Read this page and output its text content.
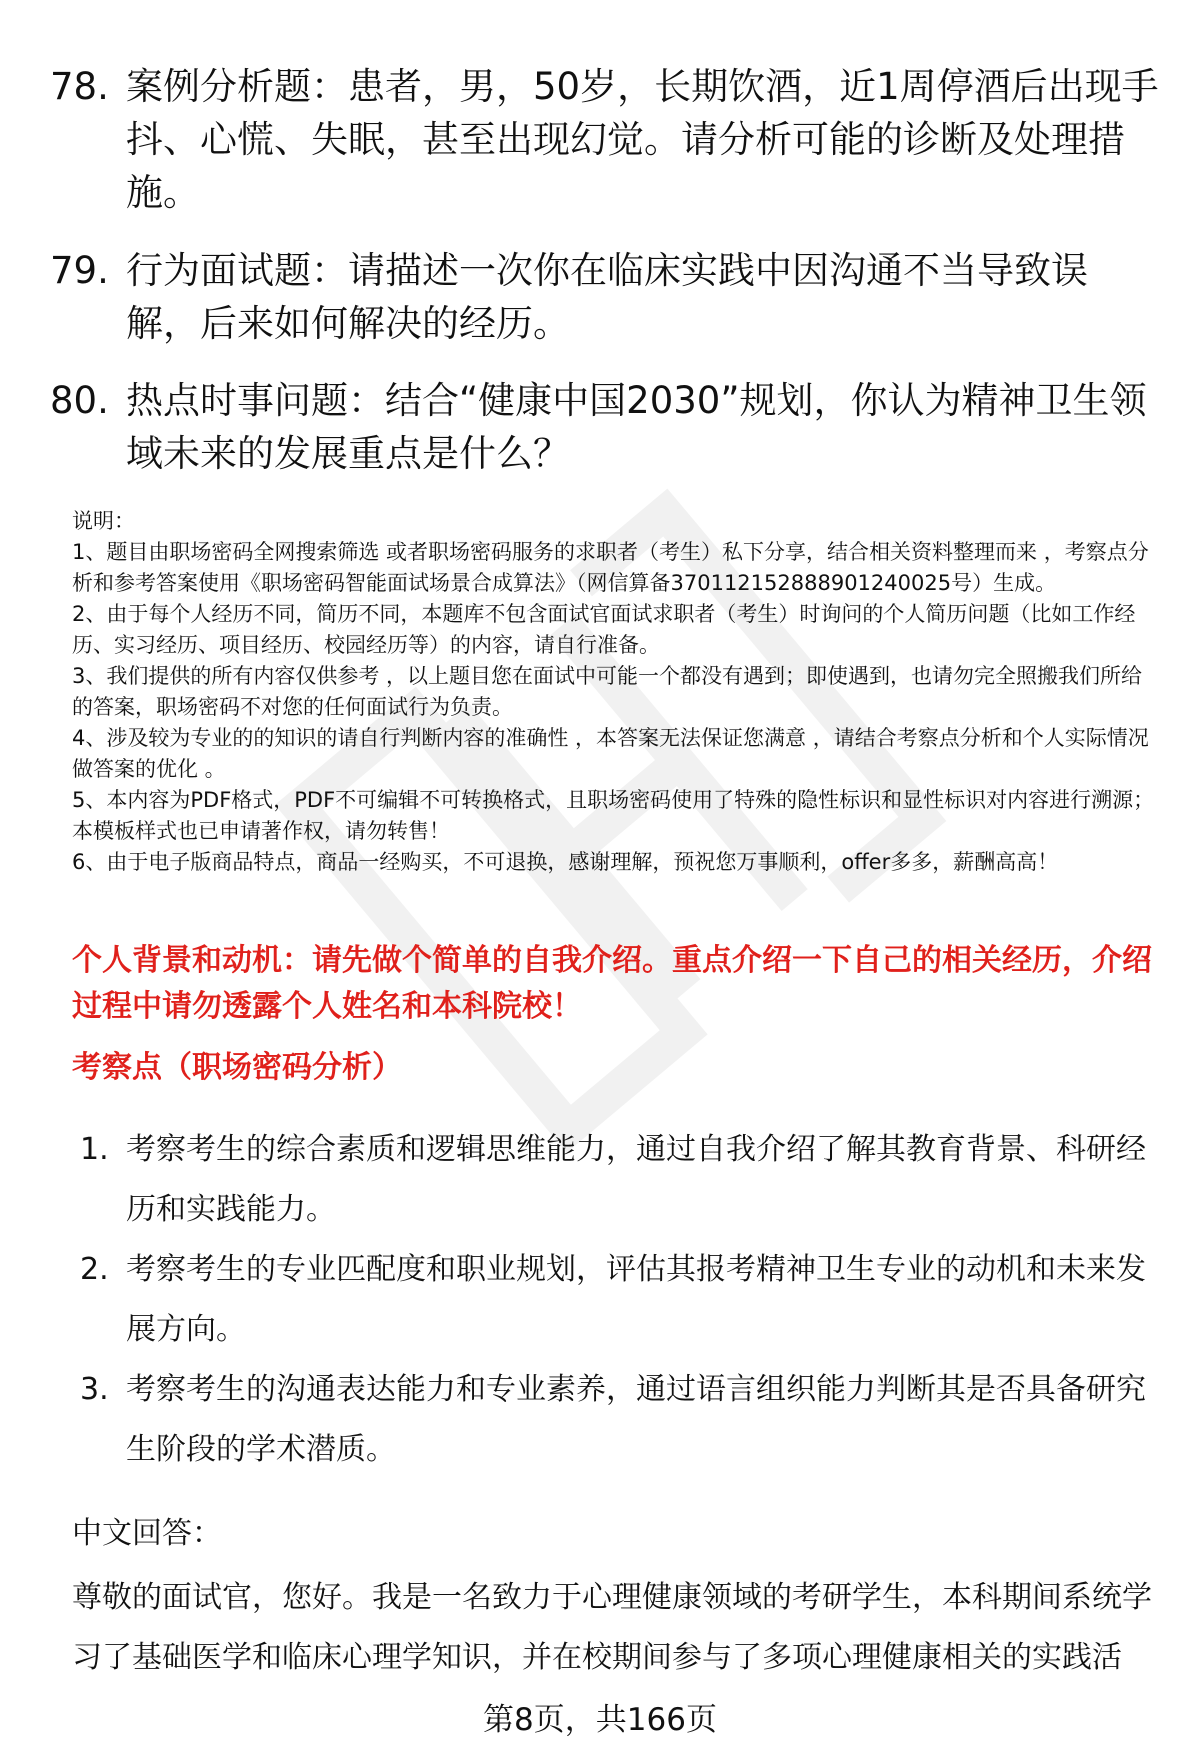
78. 案例分析题：患者，男，50岁，长期饮酒，近1周停酒后出现手抖、心慌、失眠，甚至出现幻觉。请分析可能的诊断及处理措施。
79. 行为面试题：请描述一次你在临床实践中因沟通不当导致误解，后来如何解决的经历。
80. 热点时事问题：结合“健康中国2030”规划，你认为精神卫生领域未来的发展重点是什么？
说明：
1、题目由职场密码全网搜索筛选 或者职场密码服务的求职者（考生）私下分享，结合相关资料整理而来 ，考察点分析和参考答案使用《职场密码智能面试场景合成算法》（网信算备370112152888901240025号）生成。
2、由于每个人经历不同，简历不同，本题库不包含面试官面试求职者（考生）时询问的个人简历问题（比如工作经历、实习经历、项目经历、校园经历等）的内容，请自行准备。
3、我们提供的所有内容仅供参考 ，以上题目您在面试中可能一个都没有遇到；即使遇到，也请勿完全照搬我们所给的答案，职场密码不对您的任何面试行为负责。
4、涉及较为专业的的知识的请自行判断内容的准确性 ，本答案无法保证您满意 ，请结合考察点分析和个人实际情况做答案的优化 。
5、本内容为PDF格式，PDF不可编辑不可转换格式，且职场密码使用了特殊的隐性标识和显性标识对内容进行溯源；本模板样式也已申请著作权，请勿转售！
6、由于电子版商品特点，商品一经购买，不可退换，感谢理解，预祝您万事顺利，offer多多，薪酬高高！
个人背景和动机：请先做个简单的自我介绍。重点介绍一下自己的相关经历，介绍过程中请勿透露个人姓名和本科院校！
考察点（职场密码分析）
1. 考察考生的综合素质和逻辑思维能力，通过自我介绍了解其教育背景、科研经历和实践能力。
2. 考察考生的专业匹配度和职业规划，评估其报考精神卫生专业的动机和未来发展方向。
3. 考察考生的沟通表达能力和专业素养，通过语言组织能力判断其是否具备研究生阶段的学术潜质。
中文回答：
尊敬的面试官，您好。我是一名致力于心理健康领域的考研学生，本科期间系统学习了基础医学和临床心理学知识，并在校期间参与了多项心理健康相关的实践活
第8页，共166页
